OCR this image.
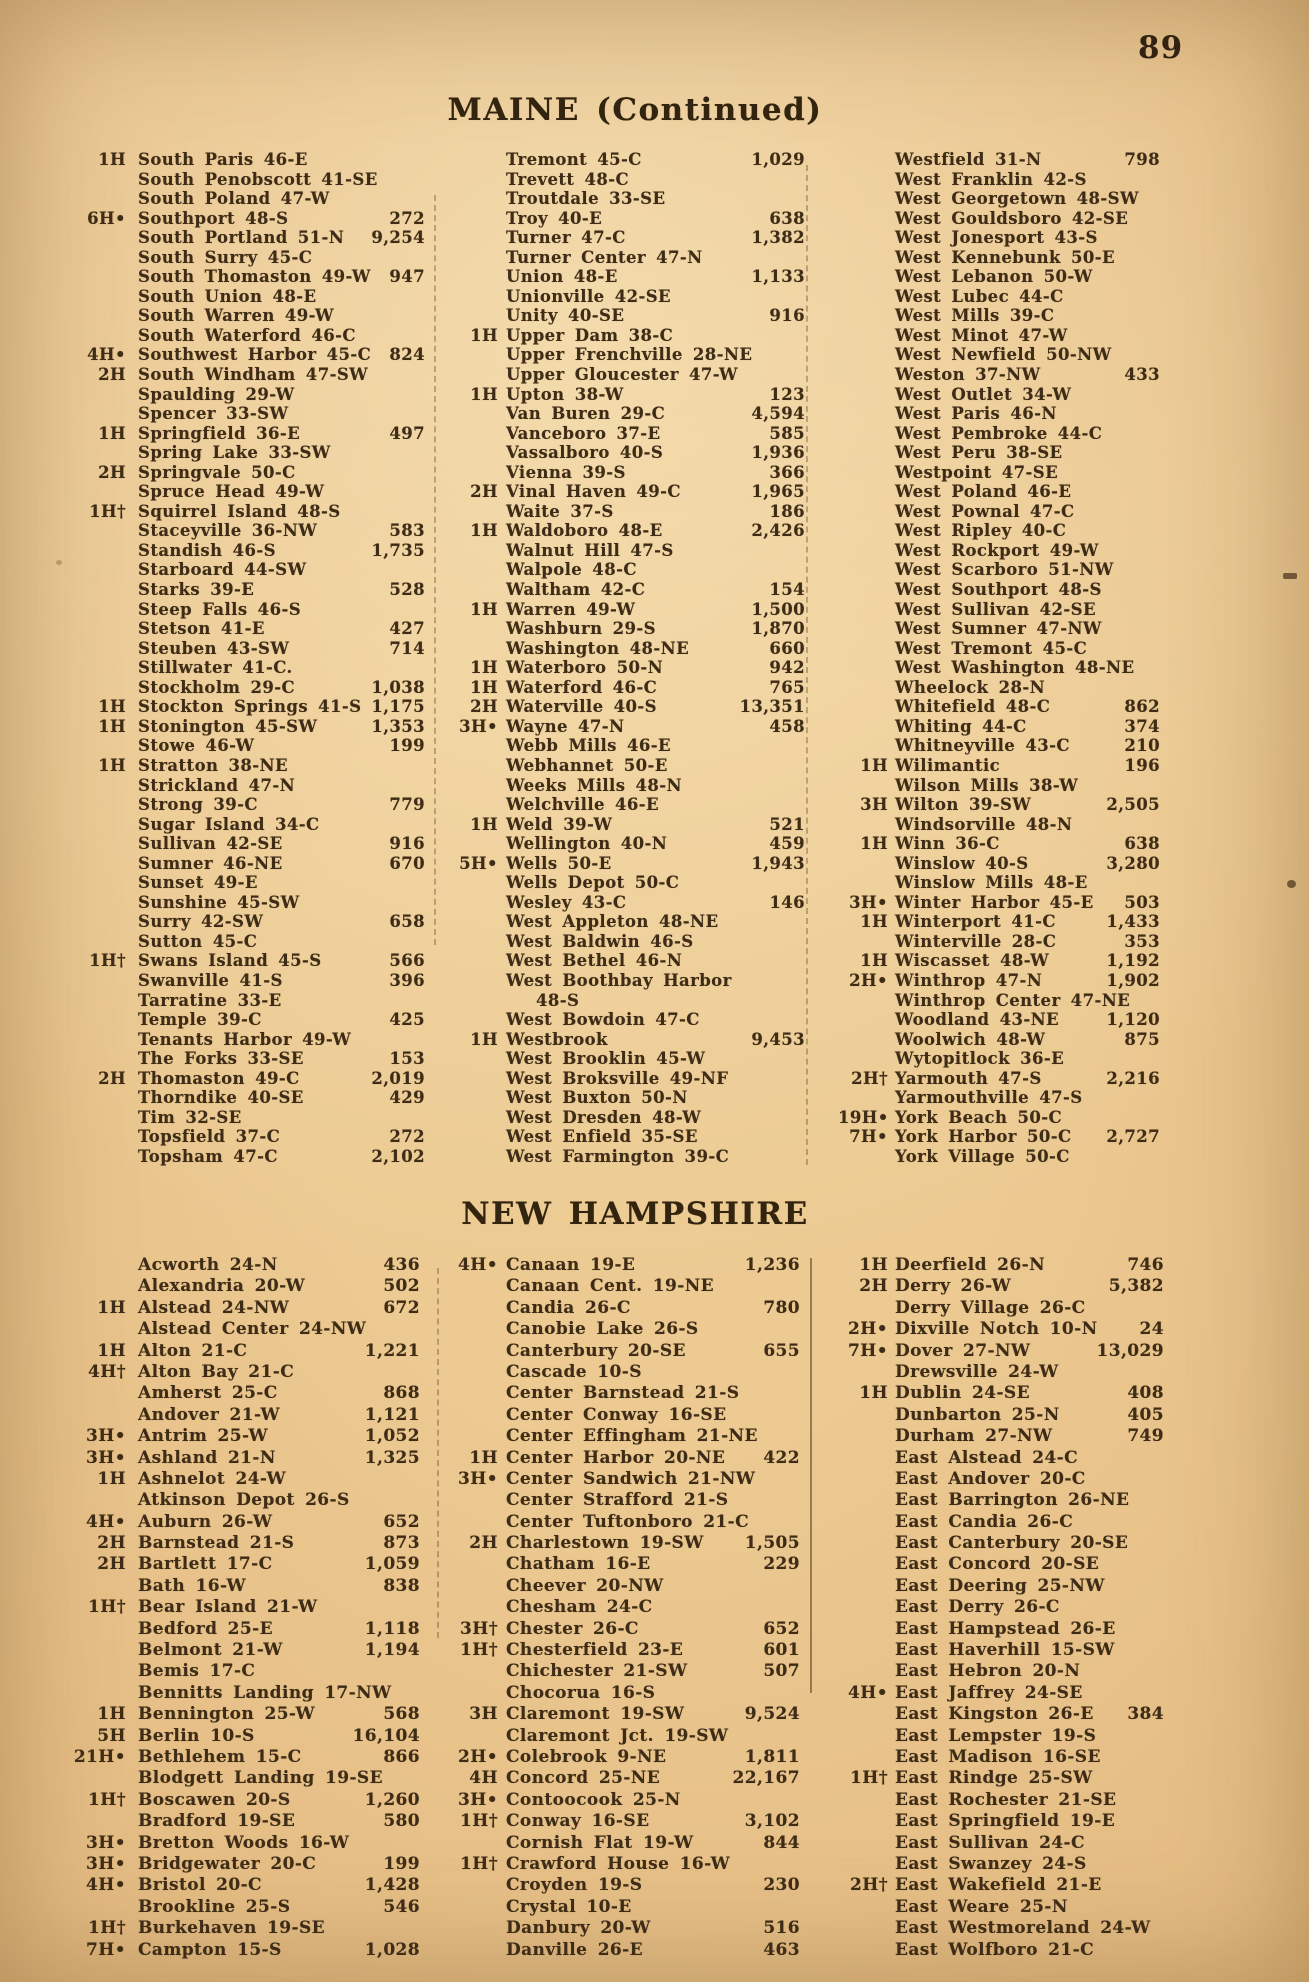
89
MAINE (Continued)
1H South Paris 46-E
South Penobscott 41-SE
South Poland 47-W
6H• Southport 48-S	272
South Portland 51-N	9,254
South Surry 45-C
South Thomaston 49-W	947
South Union 48-E
South Warren 49-W
South Waterford 46-C
4H• Southwest Harbor 45-C	824
2H South Windham 47-SW
Spaulding 29-W
Spencer 33-SW
1H Springfield 36-E	497
Spring Lake 33-SW
2H Springvale 50-C
Spruce Head 49-W
1H† Squirrel Island 48-S
Staceyville 36-NW	583
Standish 46-S	1,735
Starboard 44-SW
Starks 39-E	528
Steep Falls 46-S
Stetson 41-E	427
Steuben 43-SW	714
Stillwater 41-C.
Stockholm 29-C	1,038
1H Stockton Springs 41-S 1,175
1H Stonington 45-SW	1,353
Stowe 46-W	199
1H Stratton 38-NE
Strickland 47-N
Strong 39-C	779
Sugar Island 34-C
Sullivan 42-SE	916
Sumner 46-NE	670
Sunset 49-E
Sunshine 45-SW
Surry 42-SW	658
Sutton 45-C
1H† Swans Island 45-S	566
Swanville 41-S	396
Tarratine 33-E
Temple 39-C	425
Tenants Harbor 49-W
The Forks 33-SE	153
2H Thomaston 49-C	2,019
Thorndike 40-SE	429
Tim 32-SE
Topsfield 37-C	272
Topsham 47-C	2,102
Tremont 45-C	1,029
Trevett 48-C
Troutdale 33-SE
Troy 40-E	638
Turner 47-C	1,382
Turner Center 47-N
Union 48-E	1,133
Unionville 42-SE
Unity 40-SE	916
1H Upper Dam 38-C
Upper Frenchville 28-NE
Upper Gloucester 47-W
1H Upton 38-W	123
Van Buren 29-C	4,594
Vanceboro 37-E	585
Vassalboro 40-S	1,936
Vienna 39-S	366
2H Vinal Haven 49-C	1,965
Waite 37-S	186
1H Waldoboro 48-E	2,426
Walnut Hill 47-S
Walpole 48-C
Waltham 42-C	154
1H Warren 49-W	1,500
Washburn 29-S	1,870
Washington 48-NE	660
1H Waterboro 50-N	942
1H Waterford 46-C	765
2H Waterville 40-S	13,351
3H• Wayne 47-N	458
Webb Mills 46-E
Webhannet 50-E
Weeks Mills 48-N
Welchville 46-E
1H Weld 39-W	521
Wellington 40-N	459
5H• Wells 50-E	1,943
Wells Depot 50-C
Wesley 43-C	146
West Appleton 48-NE
West Baldwin 46-S
West Bethel 46-N
West Boothbay Harbor
48-S
West Bowdoin 47-C
1H Westbrook	9,453
West Brooklin 45-W
West Broksville 49-NF
West Buxton 50-N
West Dresden 48-W
West Enfield 35-SE
West Farmington 39-C
Westfield 31-N	798
West Franklin 42-S
West Georgetown 48-SW
West Gouldsboro 42-SE
West Jonesport 43-S
West Kennebunk 50-E
West Lebanon 50-W
West Lubec 44-C
West Mills 39-C
West Minot 47-W
West Newfield 50-NW
Weston 37-NW	433
West Outlet 34-W
West Paris 46-N
West Pembroke 44-C
West Peru 38-SE
Westpoint 47-SE
West Poland 46-E
West Pownal 47-C
West Ripley 40-C
West Rockport 49-W
West Scarboro 51-NW
West Southport 48-S
West Sullivan 42-SE
West Sumner 47-NW
West Tremont 45-C
West Washington 48-NE
Wheelock 28-N
Whitefield 48-C	862
Whiting 44-C	374
Whitneyville 43-C	210
1H Wilimantic	196
Wilson Mills 38-W
3H Wilton 39-SW	2,505
Windsorville 48-N
1H Winn 36-C	638
Winslow 40-S	3,280
Winslow Mills 48-E
3H• Winter Harbor 45-E	503
1H Winterport 41-C	1,433
Winterville 28-C	353
1H Wiscasset 48-W	1,192
2H• Winthrop 47-N	1,902
Winthrop Center 47-NE
Woodland 43-NE	1,120
Woolwich 48-W	875
Wytopitlock 36-E
2H† Yarmouth 47-S	2,216
Yarmouthville 47-S
19H• York Beach 50-C
7H• York Harbor 50-C	2,727
York Village 50-C
NEW HAMPSHIRE
Acworth 24-N	436
Alexandria 20-W	502
1H Alstead 24-NW	672
Alstead Center 24-NW
1H Alton 21-C	1,221
4H† Alton Bay 21-C
Amherst 25-C	868
Andover 21-W	1,121
3H• Antrim 25-W	1,052
3H• Ashland 21-N	1,325
1H Ashnelot 24-W
Atkinson Depot 26-S
4H• Auburn 26-W	652
2H Barnstead 21-S	873
2H Bartlett 17-C	1,059
Bath 16-W	838
1H† Bear Island 21-W
Bedford 25-E	1,118
Belmont 21-W	1,194
Bemis 17-C
Bennitts Landing 17-NW
1H Bennington 25-W	568
5H Berlin 10-S	16,104
21H• Bethlehem 15-C	866
Blodgett Landing 19-SE
1H† Boscawen 20-S	1,260
Bradford 19-SE	580
3H• Bretton Woods 16-W
3H• Bridgewater 20-C	199
4H• Bristol 20-C	1,428
Brookline 25-S	546
1H† Burkehaven 19-SE
7H• Campton 15-S	1,028
4H• Canaan 19-E	1,236
Canaan Cent. 19-NE
Candia 26-C	780
Canobie Lake 26-S
Canterbury 20-SE	655
Cascade 10-S
Center Barnstead 21-S
Center Conway 16-SE
Center Effingham 21-NE
1H Center Harbor 20-NE	422
3H• Center Sandwich 21-NW
Center Strafford 21-S
Center Tuftonboro 21-C
2H Charlestown 19-SW	1,505
Chatham 16-E	229
Cheever 20-NW
Chesham 24-C
3H† Chester 26-C	652
1H† Chesterfield 23-E	601
Chichester 21-SW	507
Chocorua 16-S
3H Claremont 19-SW	9,524
Claremont Jct. 19-SW
2H• Colebrook 9-NE	1,811
4H Concord 25-NE	22,167
3H• Contoocook 25-N
1H† Conway 16-SE	3,102
Cornish Flat 19-W	844
1H† Crawford House 16-W
Croyden 19-S	230
Crystal 10-E
Danbury 20-W	516
Danville 26-E	463
1H Deerfield 26-N	746
2H Derry 26-W	5,382
Derry Village 26-C
2H• Dixville Notch 10-N	24
7H• Dover 27-NW	13,029
Drewsville 24-W
1H Dublin 24-SE	408
Dunbarton 25-N	405
Durham 27-NW	749
East Alstead 24-C
East Andover 20-C
East Barrington 26-NE
East Candia 26-C
East Canterbury 20-SE
East Concord 20-SE
East Deering 25-NW
East Derry 26-C
East Hampstead 26-E
East Haverhill 15-SW
East Hebron 20-N
4H• East Jaffrey 24-SE
East Kingston 26-E	384
East Lempster 19-S
East Madison 16-SE
1H† East Rindge 25-SW
East Rochester 21-SE
East Springfield 19-E
East Sullivan 24-C
East Swanzey 24-S
2H† East Wakefield 21-E
East Weare 25-N
East Westmoreland 24-W
East Wolfboro 21-C
